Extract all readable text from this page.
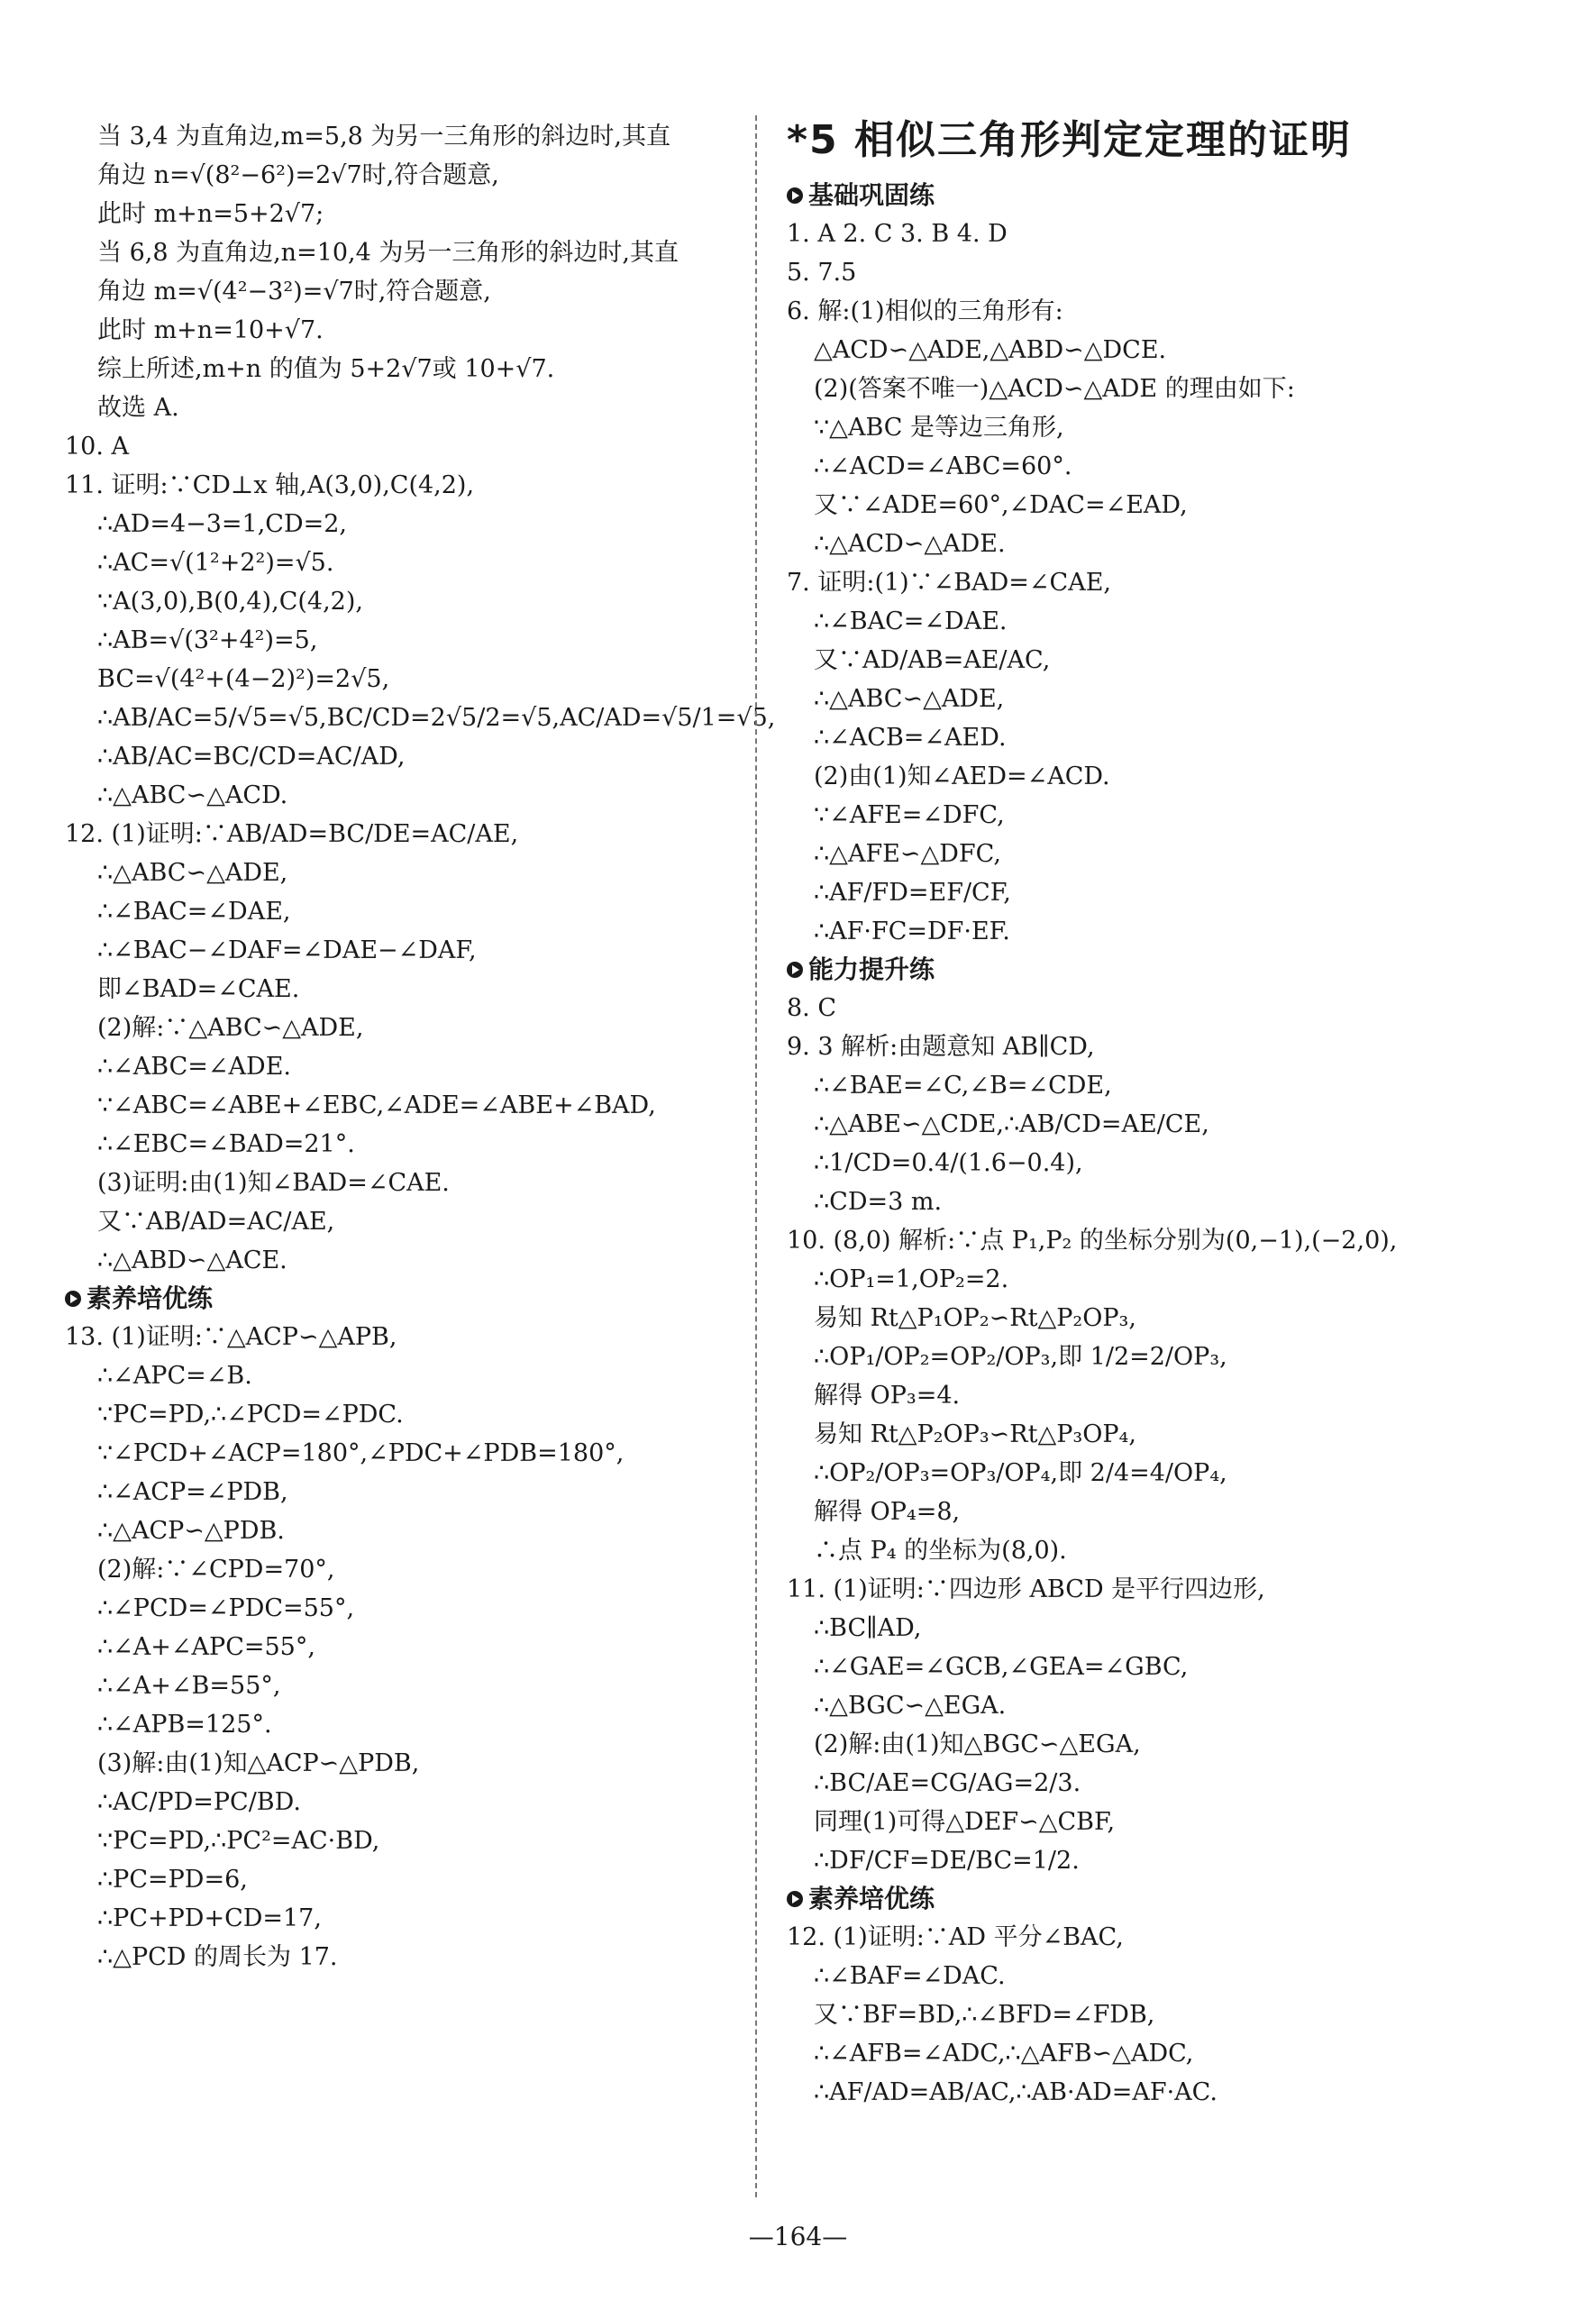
当 3,4 为直角边,m=5,8 为另一三角形的斜边时,其直
角边 n=√(8²−6²)=2√7时,符合题意,
此时 m+n=5+2√7;
当 6,8 为直角边,n=10,4 为另一三角形的斜边时,其直
角边 m=√(4²−3²)=√7时,符合题意,
此时 m+n=10+√7.
综上所述,m+n 的值为 5+2√7或 10+√7.
故选 A.
10. A
11. 证明:∵CD⊥x 轴,A(3,0),C(4,2),
∴AD=4−3=1,CD=2,
∴AC=√(1²+2²)=√5.
∵A(3,0),B(0,4),C(4,2),
∴AB=√(3²+4²)=5,
BC=√(4²+(4−2)²)=2√5,
∴AB/AC=5/√5=√5,BC/CD=2√5/2=√5,AC/AD=√5/1=√5,
∴AB/AC=BC/CD=AC/AD,
∴△ABC∽△ACD.
12. (1)证明:∵AB/AD=BC/DE=AC/AE,
∴△ABC∽△ADE,
∴∠BAC=∠DAE,
∴∠BAC−∠DAF=∠DAE−∠DAF,
即∠BAD=∠CAE.
(2)解:∵△ABC∽△ADE,
∴∠ABC=∠ADE.
∵∠ABC=∠ABE+∠EBC,∠ADE=∠ABE+∠BAD,
∴∠EBC=∠BAD=21°.
(3)证明:由(1)知∠BAD=∠CAE.
又∵AB/AD=AC/AE,
∴△ABD∽△ACE.
素养培优练
13. (1)证明:∵△ACP∽△APB,
∴∠APC=∠B.
∵PC=PD,∴∠PCD=∠PDC.
∵∠PCD+∠ACP=180°,∠PDC+∠PDB=180°,
∴∠ACP=∠PDB,
∴△ACP∽△PDB.
(2)解:∵∠CPD=70°,
∴∠PCD=∠PDC=55°,
∴∠A+∠APC=55°,
∴∠A+∠B=55°,
∴∠APB=125°.
(3)解:由(1)知△ACP∽△PDB,
∴AC/PD=PC/BD.
∵PC=PD,∴PC²=AC·BD,
∴PC=PD=6,
∴PC+PD+CD=17,
∴△PCD 的周长为 17.
*5 相似三角形判定定理的证明
基础巩固练
1. A 2. C 3. B 4. D
5. 7.5
6. 解:(1)相似的三角形有:
△ACD∽△ADE,△ABD∽△DCE.
(2)(答案不唯一)△ACD∽△ADE 的理由如下:
∵△ABC 是等边三角形,
∴∠ACD=∠ABC=60°.
又∵∠ADE=60°,∠DAC=∠EAD,
∴△ACD∽△ADE.
7. 证明:(1)∵∠BAD=∠CAE,
∴∠BAC=∠DAE.
又∵AD/AB=AE/AC,
∴△ABC∽△ADE,
∴∠ACB=∠AED.
(2)由(1)知∠AED=∠ACD.
∵∠AFE=∠DFC,
∴△AFE∽△DFC,
∴AF/FD=EF/CF,
∴AF·FC=DF·EF.
能力提升练
8. C
9. 3 解析:由题意知 AB∥CD,
∴∠BAE=∠C,∠B=∠CDE,
∴△ABE∽△CDE,∴AB/CD=AE/CE,
∴1/CD=0.4/(1.6−0.4),
∴CD=3 m.
10. (8,0) 解析:∵点 P₁,P₂ 的坐标分别为(0,−1),(−2,0),
∴OP₁=1,OP₂=2.
易知 Rt△P₁OP₂∽Rt△P₂OP₃,
∴OP₁/OP₂=OP₂/OP₃,即 1/2=2/OP₃,
解得 OP₃=4.
易知 Rt△P₂OP₃∽Rt△P₃OP₄,
∴OP₂/OP₃=OP₃/OP₄,即 2/4=4/OP₄,
解得 OP₄=8,
∴点 P₄ 的坐标为(8,0).
11. (1)证明:∵四边形 ABCD 是平行四边形,
∴BC∥AD,
∴∠GAE=∠GCB,∠GEA=∠GBC,
∴△BGC∽△EGA.
(2)解:由(1)知△BGC∽△EGA,
∴BC/AE=CG/AG=2/3.
同理(1)可得△DEF∽△CBF,
∴DF/CF=DE/BC=1/2.
素养培优练
12. (1)证明:∵AD 平分∠BAC,
∴∠BAF=∠DAC.
又∵BF=BD,∴∠BFD=∠FDB,
∴∠AFB=∠ADC,∴△AFB∽△ADC,
∴AF/AD=AB/AC,∴AB·AD=AF·AC.
—164—
